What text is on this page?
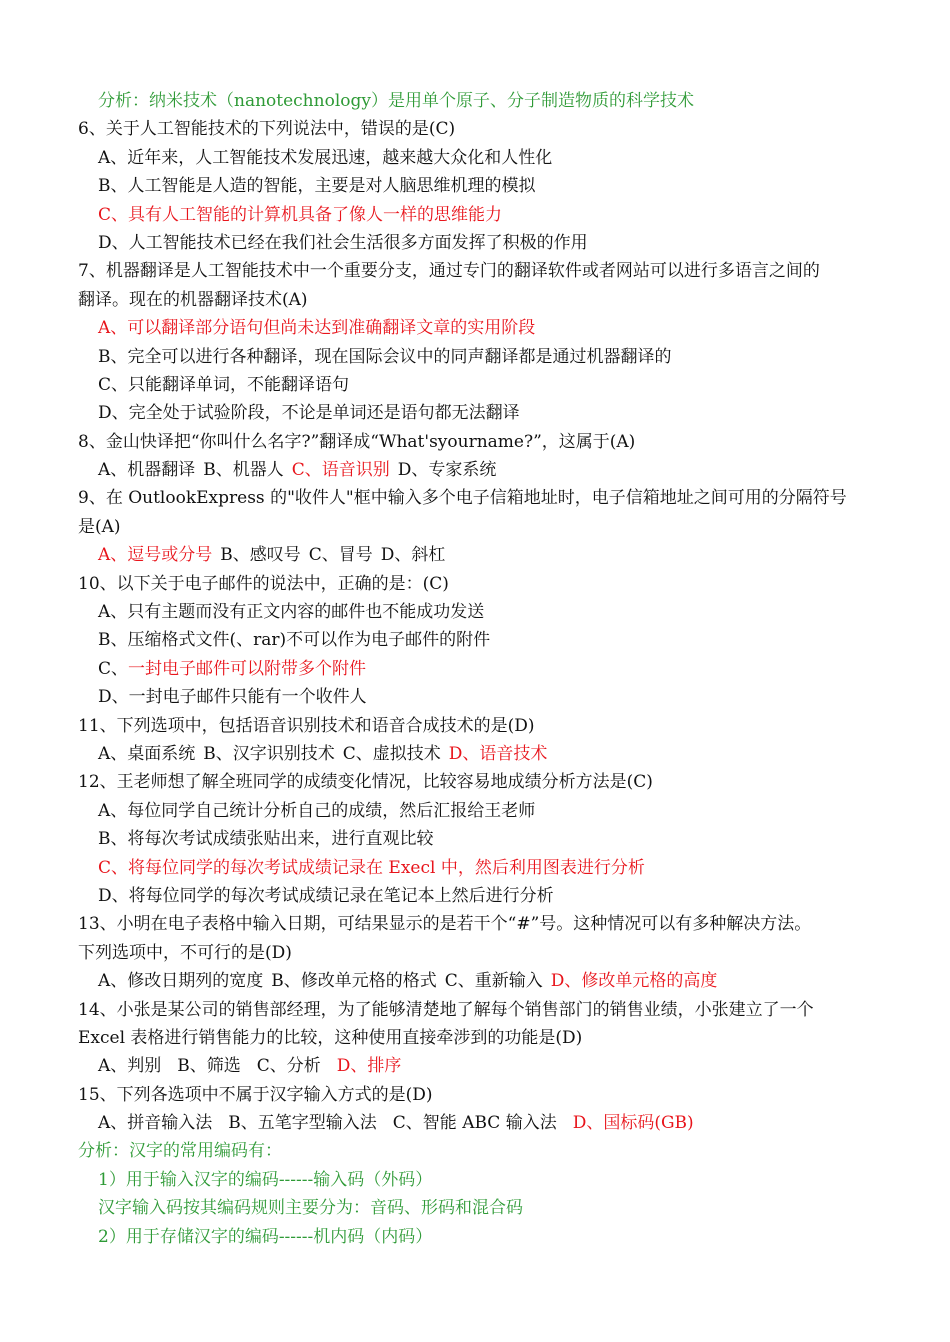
分析：纳米技术（nanotechnology）是用单个原子、分子制造物质的科学技术
6、关于人工智能技术的下列说法中，错误的是(C)
A、近年来，人工智能技术发展迅速，越来越大众化和人性化
B、人工智能是人造的智能，主要是对人脑思维机理的模拟
C、具有人工智能的计算机具备了像人一样的思维能力
D、人工智能技术已经在我们社会生活很多方面发挥了积极的作用
7、机器翻译是人工智能技术中一个重要分支，通过专门的翻译软件或者网站可以进行多语言之间的
翻译。现在的机器翻译技术(A)
A、可以翻译部分语句但尚未达到准确翻译文章的实用阶段
B、完全可以进行各种翻译，现在国际会议中的同声翻译都是通过机器翻译的
C、只能翻译单词，不能翻译语句
D、完全处于试验阶段，不论是单词还是语句都无法翻译
8、金山快译把“你叫什么名字?”翻译成“What'syourname?”，这属于(A)
A、机器翻译 B、机器人 C、语音识别 D、专家系统
9、在 OutlookExpress 的"收件人"框中输入多个电子信箱地址时，电子信箱地址之间可用的分隔符号
是(A)
A、逗号或分号 B、感叹号 C、冒号 D、斜杠
10、以下关于电子邮件的说法中，正确的是：(C)
A、只有主题而没有正文内容的邮件也不能成功发送
B、压缩格式文件(、rar)不可以作为电子邮件的附件
C、一封电子邮件可以附带多个附件
D、一封电子邮件只能有一个收件人
11、下列选项中，包括语音识别技术和语音合成技术的是(D)
A、桌面系统 B、汉字识别技术 C、虚拟技术 D、语音技术
12、王老师想了解全班同学的成绩变化情况，比较容易地成绩分析方法是(C)
A、每位同学自己统计分析自己的成绩，然后汇报给王老师
B、将每次考试成绩张贴出来，进行直观比较
C、将每位同学的每次考试成绩记录在 Execl 中，然后利用图表进行分析
D、将每位同学的每次考试成绩记录在笔记本上然后进行分析
13、小明在电子表格中输入日期，可结果显示的是若干个“#”号。这种情况可以有多种解决方法。
下列选项中，不可行的是(D)
A、修改日期列的宽度 B、修改单元格的格式 C、重新输入 D、修改单元格的高度
14、小张是某公司的销售部经理，为了能够清楚地了解每个销售部门的销售业绩，小张建立了一个
Excel 表格进行销售能力的比较，这种使用直接牵涉到的功能是(D)
A、判别 B、筛选 C、分析 D、排序
15、下列各选项中不属于汉字输入方式的是(D)
A、拼音输入法 B、五笔字型输入法 C、智能 ABC 输入法 D、国标码(GB)
分析：汉字的常用编码有：
1）用于输入汉字的编码------输入码（外码）
汉字输入码按其编码规则主要分为：音码、形码和混合码
2）用于存储汉字的编码------机内码（内码）
